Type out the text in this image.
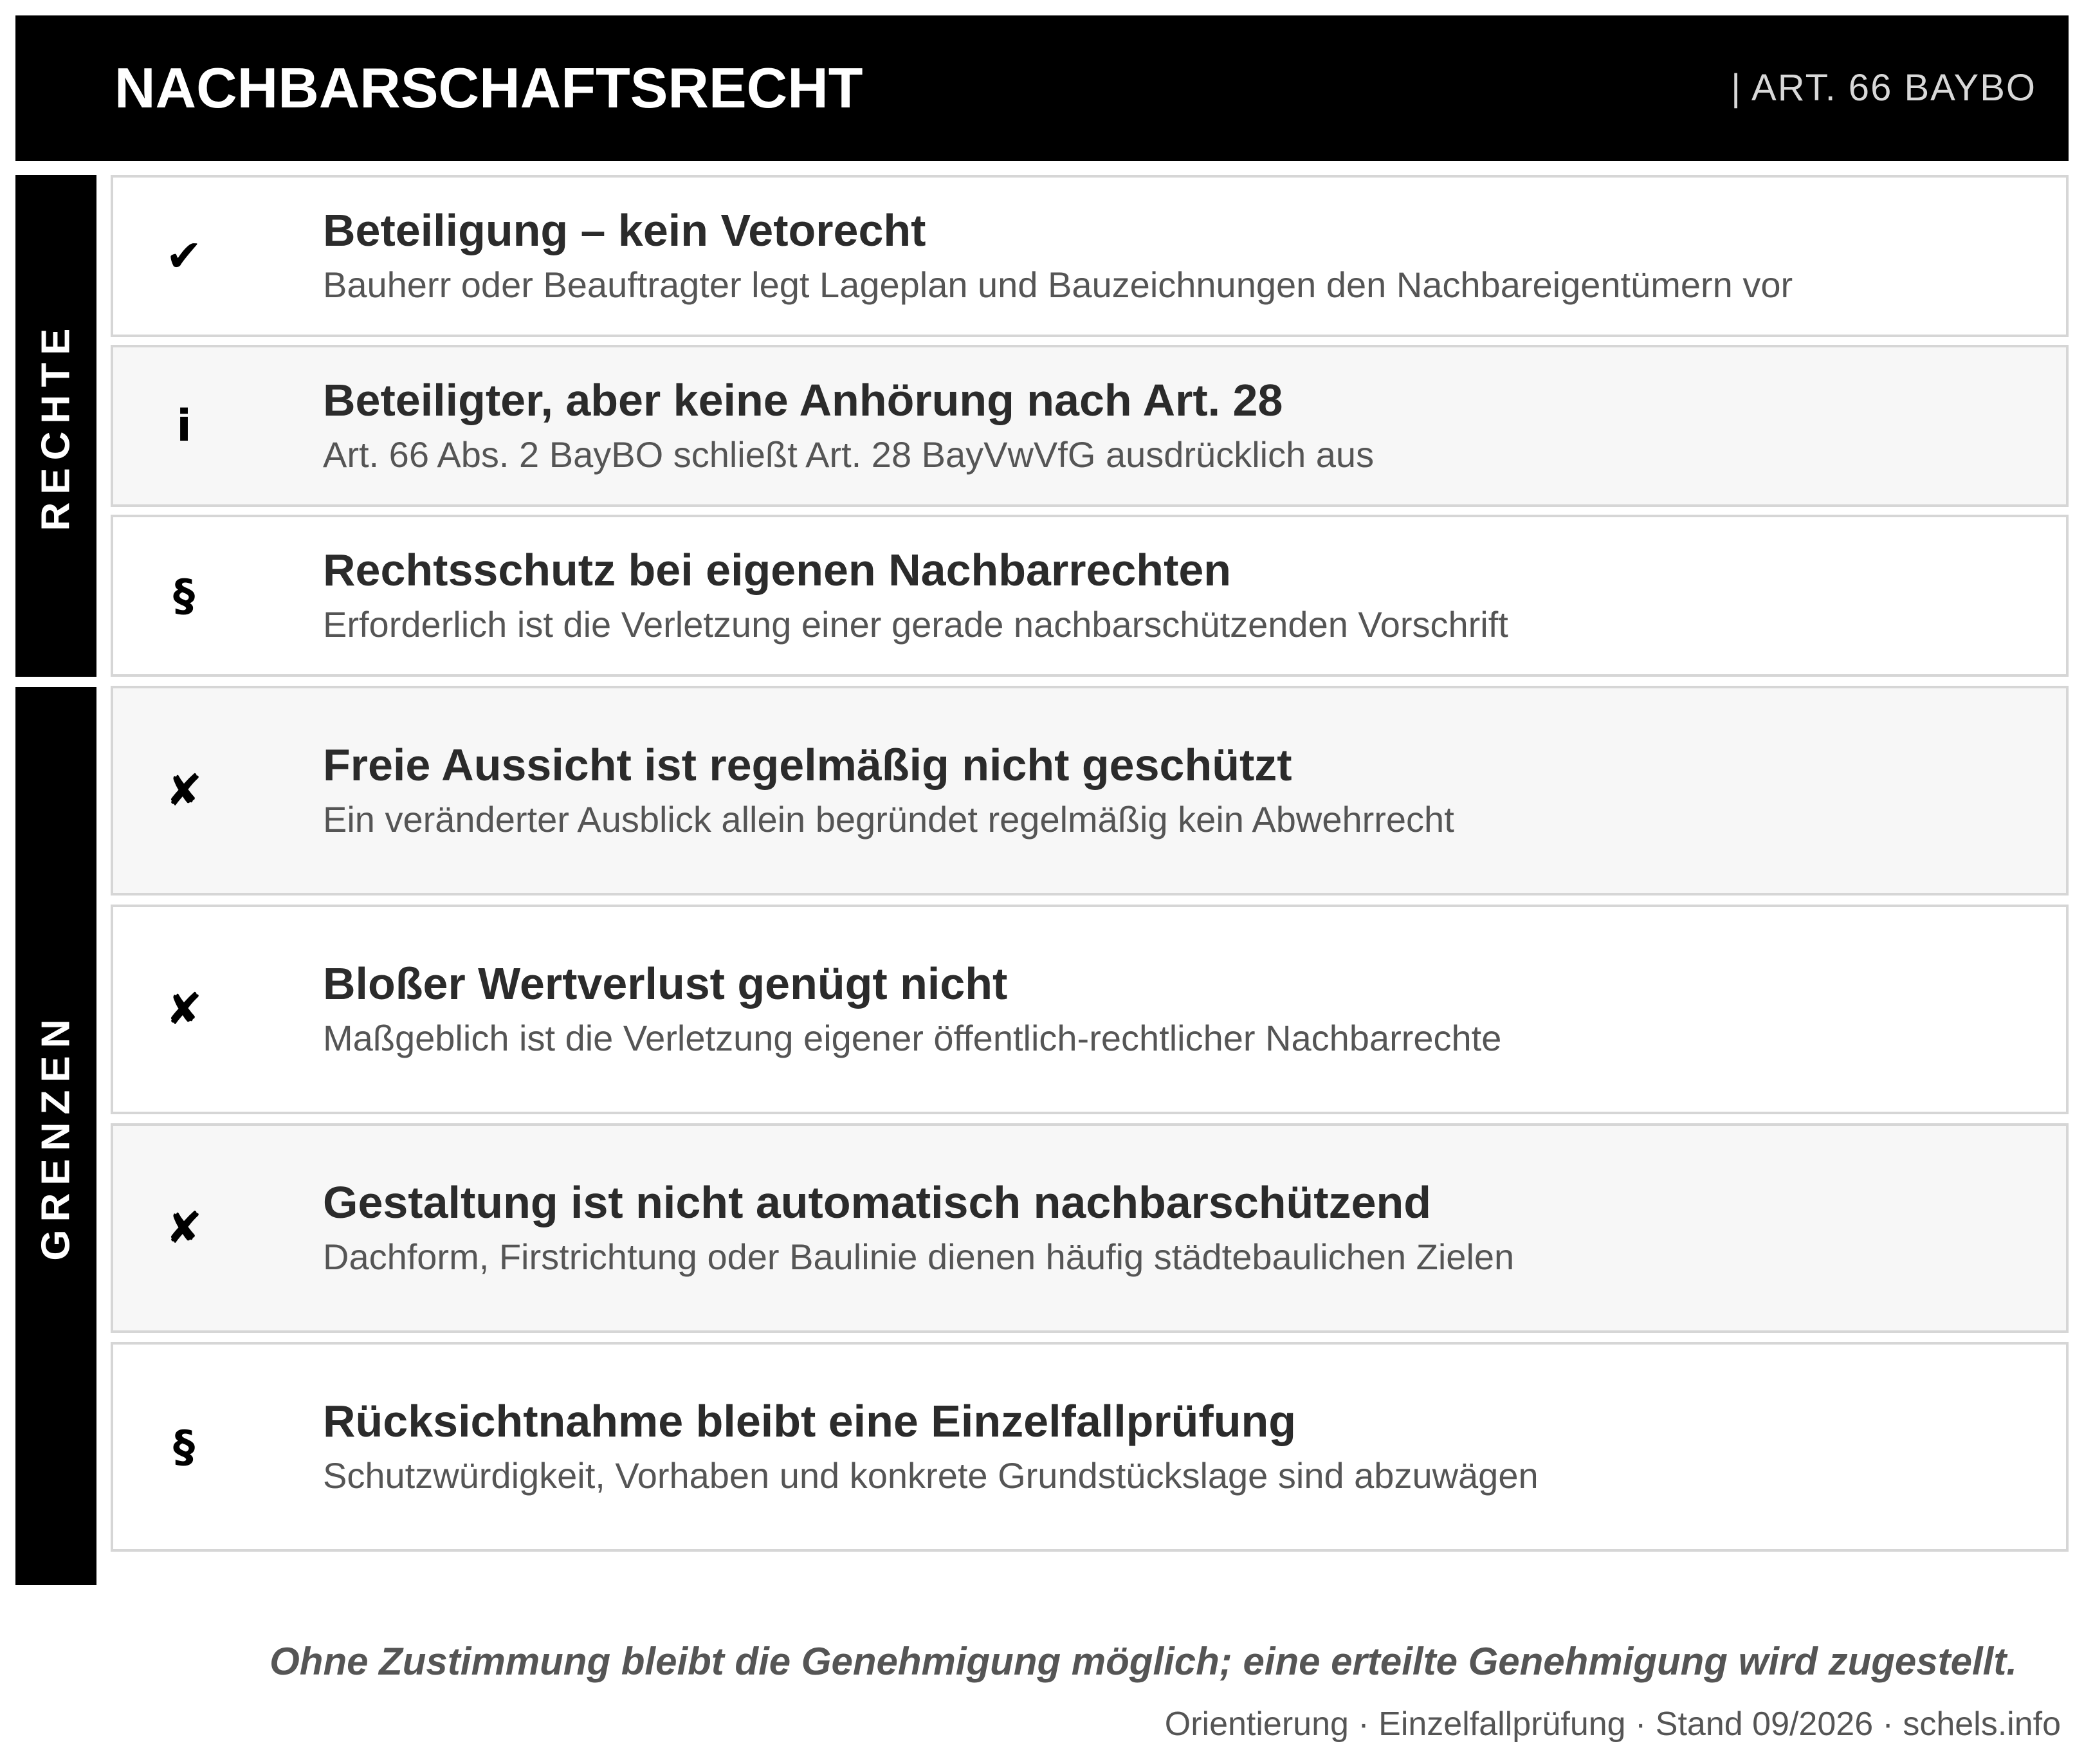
NACHBARSCHAFTSRECHT	| ART. 66 BAYBO
RECHTE
GRENZEN
✔
Beteiligung – kein Vetorecht
Bauherr oder Beauftragter legt Lageplan und Bauzeichnungen den Nachbareigentümern vor
i
Beteiligter, aber keine Anhörung nach Art. 28
Art. 66 Abs. 2 BayBO schließt Art. 28 BayVwVfG ausdrücklich aus
§
Rechtsschutz bei eigenen Nachbarrechten
Erforderlich ist die Verletzung einer gerade nachbarschützenden Vorschrift
✘
Freie Aussicht ist regelmäßig nicht geschützt
Ein veränderter Ausblick allein begründet regelmäßig kein Abwehrrecht
✘
Bloßer Wertverlust genügt nicht
Maßgeblich ist die Verletzung eigener öffentlich-rechtlicher Nachbarrechte
✘
Gestaltung ist nicht automatisch nachbarschützend
Dachform, Firstrichtung oder Baulinie dienen häufig städtebaulichen Zielen
§
Rücksichtnahme bleibt eine Einzelfallprüfung
Schutzwürdigkeit, Vorhaben und konkrete Grundstückslage sind abzuwägen
Ohne Zustimmung bleibt die Genehmigung möglich; eine erteilte Genehmigung wird zugestellt.
Orientierung · Einzelfallprüfung · Stand 09/2026 · schels.info
